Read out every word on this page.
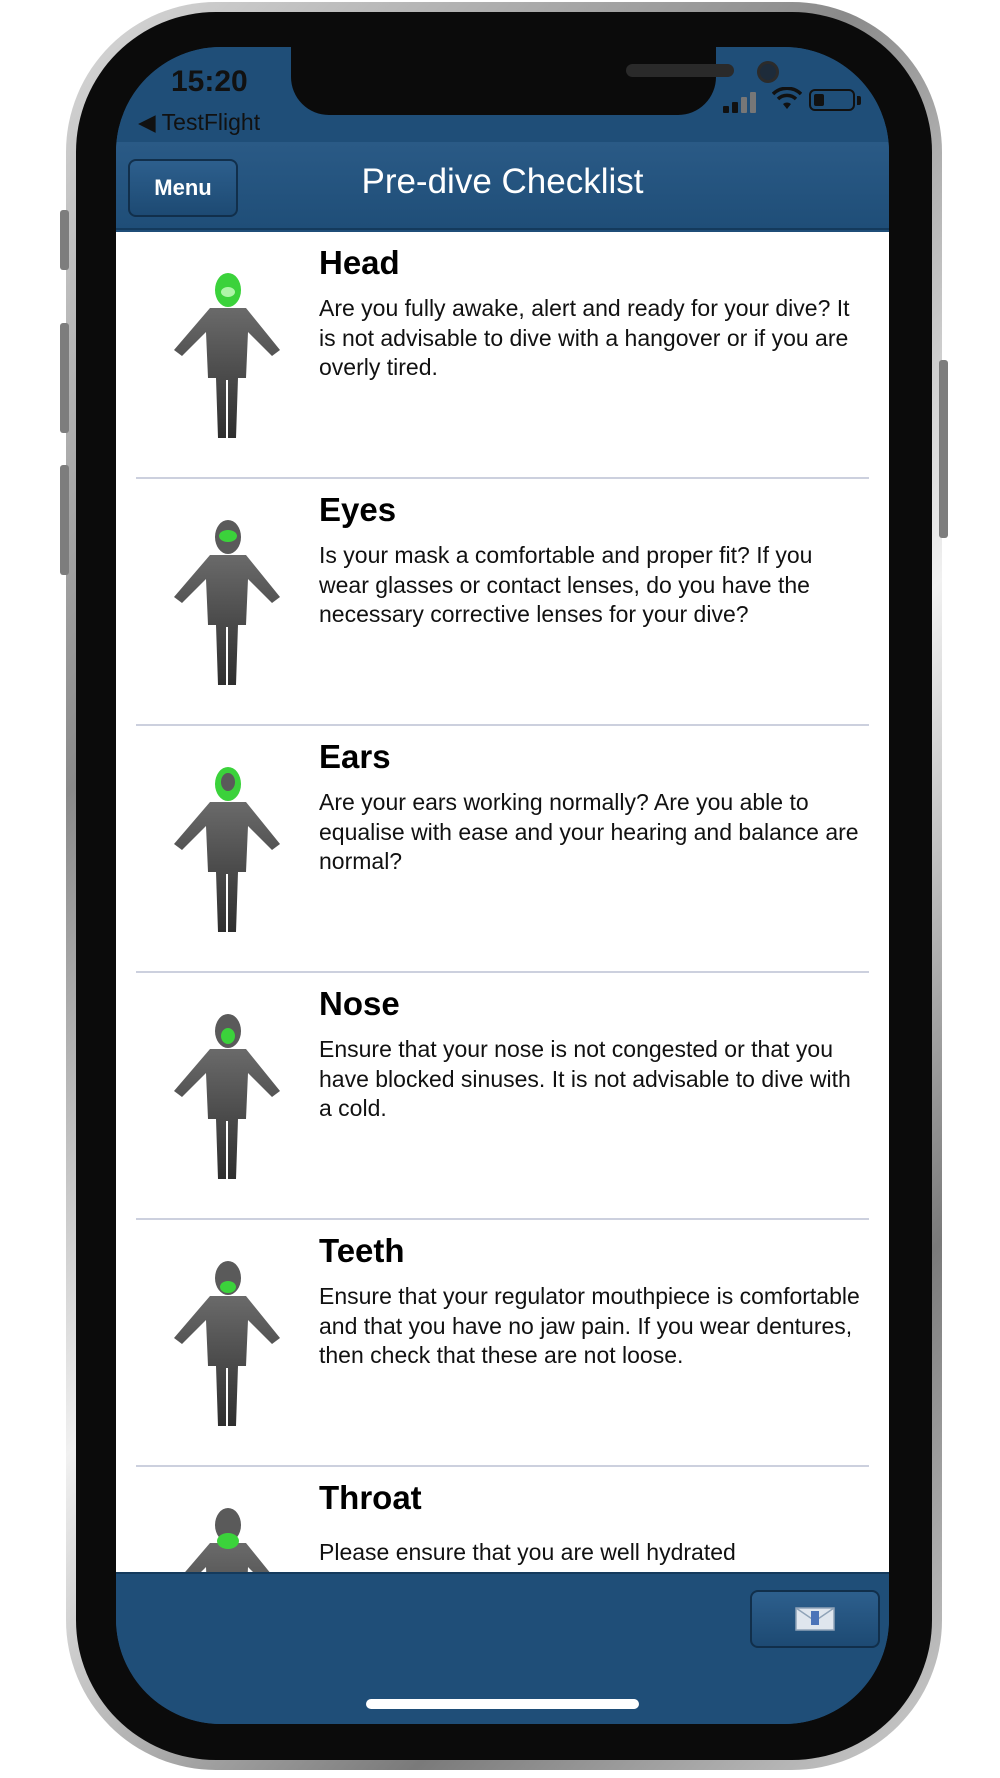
15:20
◀ TestFlight
Menu	Pre-dive Checklist
Head
Are you fully awake, alert and ready for your dive? It is not advisable to dive with a hangover or if you are overly tired.
Eyes
Is your mask a comfortable and proper fit? If you wear glasses or contact lenses, do you have the necessary corrective lenses for your dive?
Ears
Are your ears working normally? Are you able to equalise with ease and your hearing and balance are normal?
Nose
Ensure that your nose is not congested or that you have blocked sinuses. It is not advisable to dive with a cold.
Teeth
Ensure that your regulator mouthpiece is comfortable and that you have no jaw pain. If you wear dentures, then check that these are not loose.
Throat
Please ensure that you are well hydrated
